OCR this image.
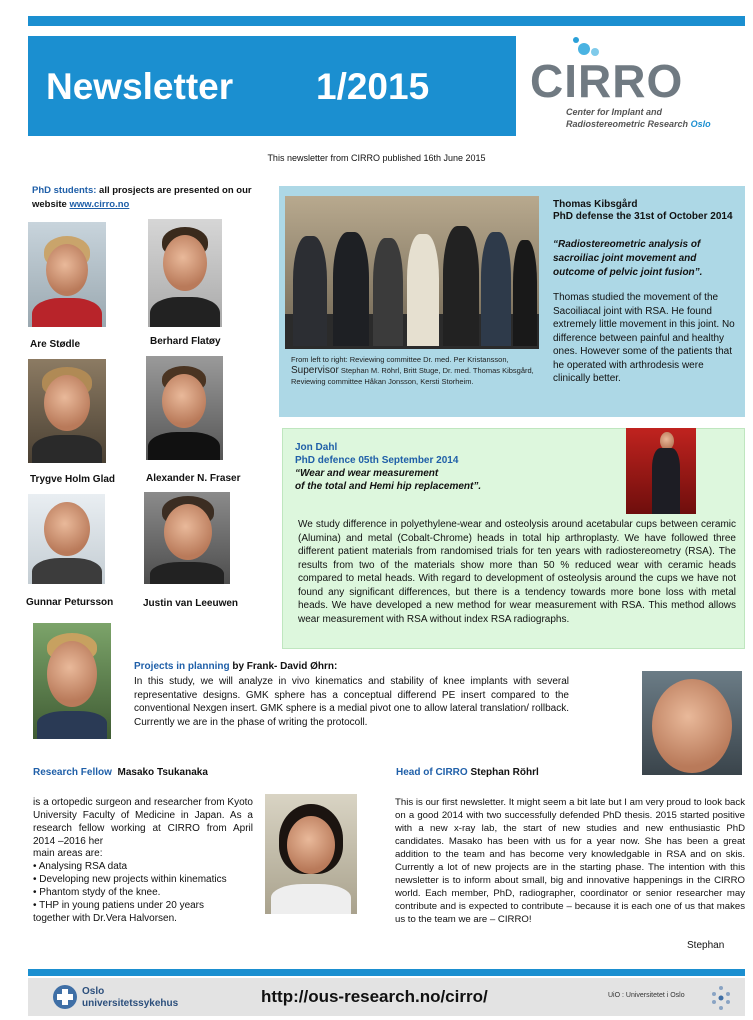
Newsletter 1/2015 CIRRO
Center for Implant and
Radiostereometric Research Oslo
This newsletter from CIRRO published 16th June 2015
PhD students: all prosjects are presented on our website www.cirro.no
Are Stødle	Berhard Flatøy
Trygve Holm Glad	Alexander N. Fraser
Gunnar Petursson	Justin van Leeuwen
From left to right: Reviewing committee Dr. med. Per Kristansson, Supervisor Stephan M. Röhrl, Britt Stuge, Dr. med. Thomas Kibsgård, Reviewing committee Håkan Jonsson, Kersti Storheim.
Thomas Kibsgård
PhD defense the 31st of October 2014
“Radiostereometric analysis of sacroiliac joint movement and outcome of pelvic joint fusion”.
Thomas studied the movement of the Sacoiliacal joint with RSA. He found extremely little movement in this joint. No difference between painful and healthy ones. However some of the patients that he operated with arthrodesis were clinically better.
Jon Dahl
PhD defence 05th September 2014
“Wear and wear measurement
of the total and Hemi hip replacement”.
We study difference in polyethylene-wear and osteolysis around acetabular cups between ceramic (Alumina) and metal (Cobalt-Chrome) heads in total hip arthroplasty. We have followed three different patient materials from randomised trials for ten years with radiostereometry (RSA). The results from two of the materials show more than 50 % reduced wear with ceramic heads compared to metal heads. With regard to development of osteolysis around the cups we have not found any significant differences, but there is a tendency towards more bone loss with metal heads. We have developed a new method for wear measurement with RSA. This method allows wear measurement with RSA without index RSA radiographs.
Projects in planning by Frank- David Øhrn:
In this study, we will analyze in vivo kinematics and stability of knee implants with several representative designs. GMK sphere has a conceptual differend PE insert compared to the conventional Nexgen insert. GMK sphere is a medial pivot one to allow lateral translation/ rollback. Currently we are in the phase of writing the protocoll.
Research Fellow Masako Tsukanaka
is a ortopedic surgeon and researcher from Kyoto University Faculty of Medicine in Japan. As a research fellow working at CIRRO from April 2014 –2016 her
main areas are:
• Analysing RSA data
• Developing new projects within kinematics
• Phantom stydy of the knee.
• THP in young patiens under 20 years
together with Dr.Vera Halvorsen.
Head of CIRRO Stephan Röhrl
This is our first newsletter. It might seem a bit late but I am very proud to look back on a good 2014 with two successfully defended PhD thesis. 2015 started positive with a new x-ray lab, the start of new studies and new enthusiastic PhD candidates. Masako has been with us for a year now. She has been a great addition to the team and has become very knowledgable in RSA and on skis. Currently a lot of new projects are in the starting phase. The intention with this newsletter is to inform about small, big and innovative happenings in the CIRRO world. Each member, PhD, radiographer, coordinator or senior researcher may contribute and is expected to contribute – because it is each one of us that makes us to the team we are – CIRRO!
Stephan
Oslo
universitetssykehus	http://ous-research.no/cirro/	UiO : Universitetet i Oslo
